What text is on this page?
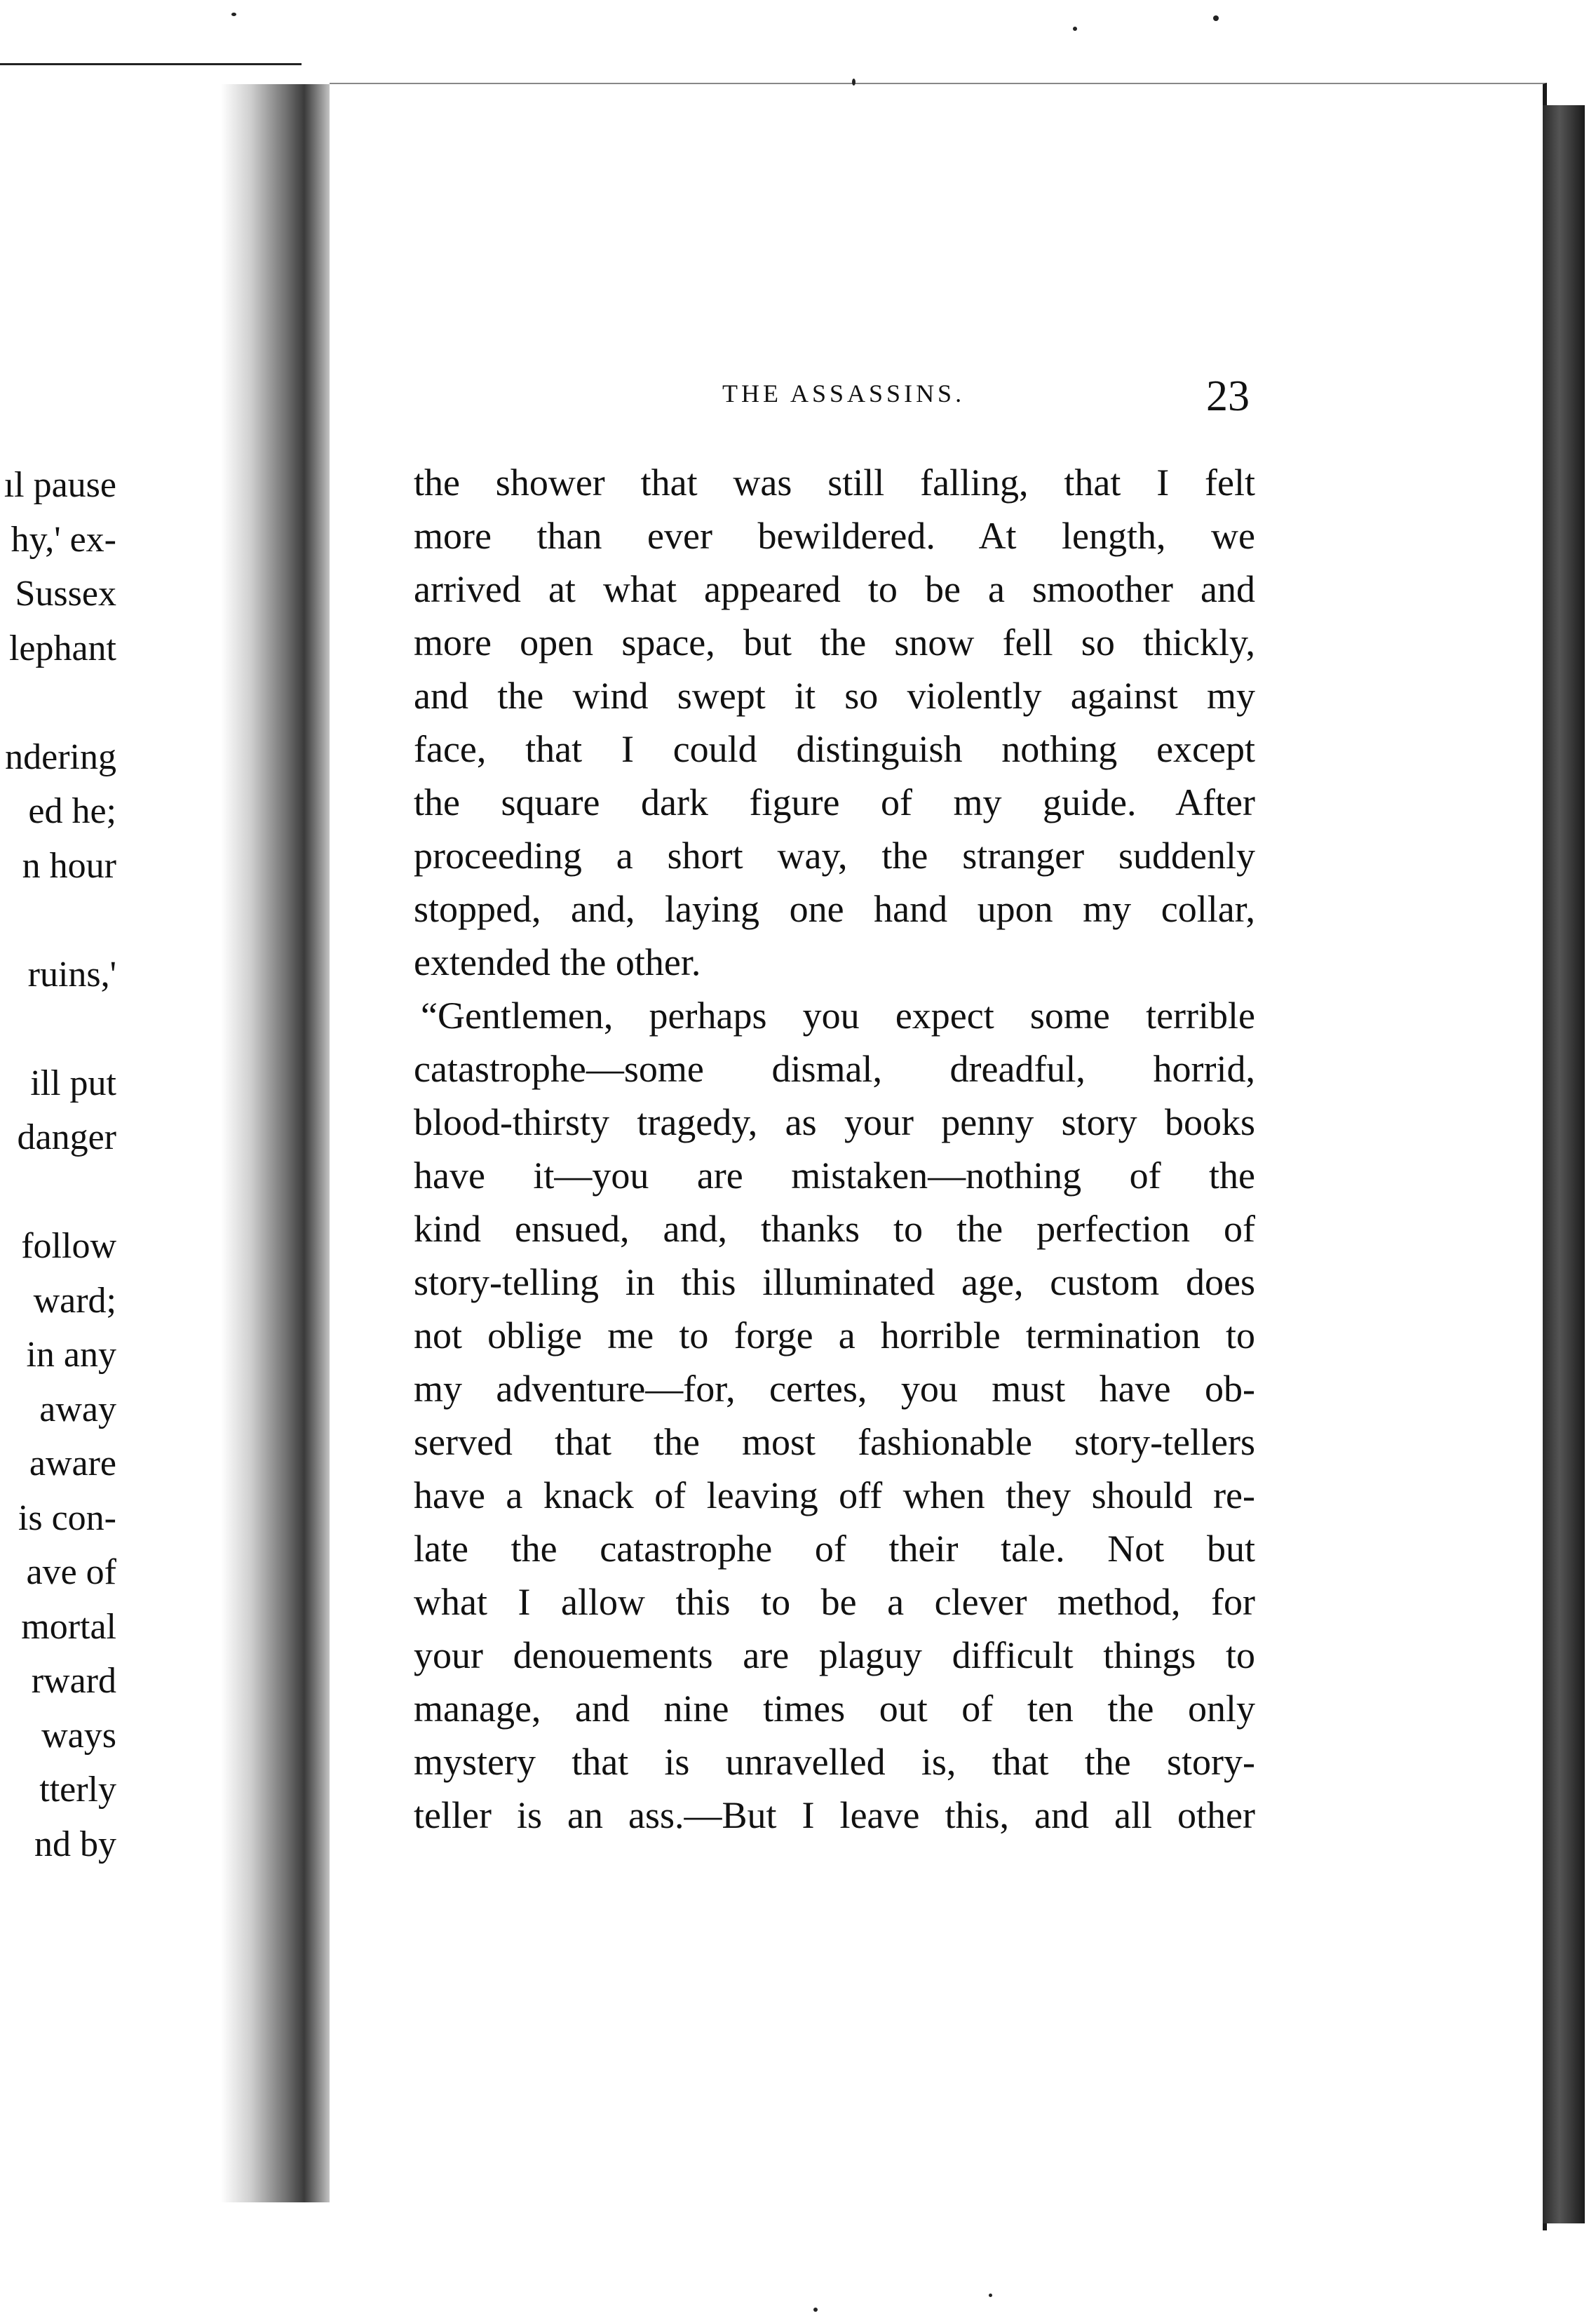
ıl pause
hy,' ex-
Sussex
lephant
ndering
ed he;
n hour
ruins,'
ill put
danger
follow
ward;
in any
away
aware
is con-
ave of
mortal
rward
ways
tterly
nd by
THE ASSASSINS.	23
the shower that was still falling, that I felt
more than ever bewildered. At length, we
arrived at what appeared to be a smoother and
more open space, but the snow fell so thickly,
and the wind swept it so violently against my
face, that I could distinguish nothing except
the square dark figure of my guide. After
proceeding a short way, the stranger suddenly
stopped, and, laying one hand upon my collar,
extended the other.
“Gentlemen, perhaps you expect some terrible
catastrophe—some dismal, dreadful, horrid,
blood-thirsty tragedy, as your penny story books
have it—you are mistaken—nothing of the
kind ensued, and, thanks to the perfection of
story-telling in this illuminated age, custom does
not oblige me to forge a horrible termination to
my adventure—for, certes, you must have ob-
served that the most fashionable story-tellers
have a knack of leaving off when they should re-
late the catastrophe of their tale. Not but
what I allow this to be a clever method, for
your denouements are plaguy difficult things to
manage, and nine times out of ten the only
mystery that is unravelled is, that the story-
teller is an ass.—But I leave this, and all other
